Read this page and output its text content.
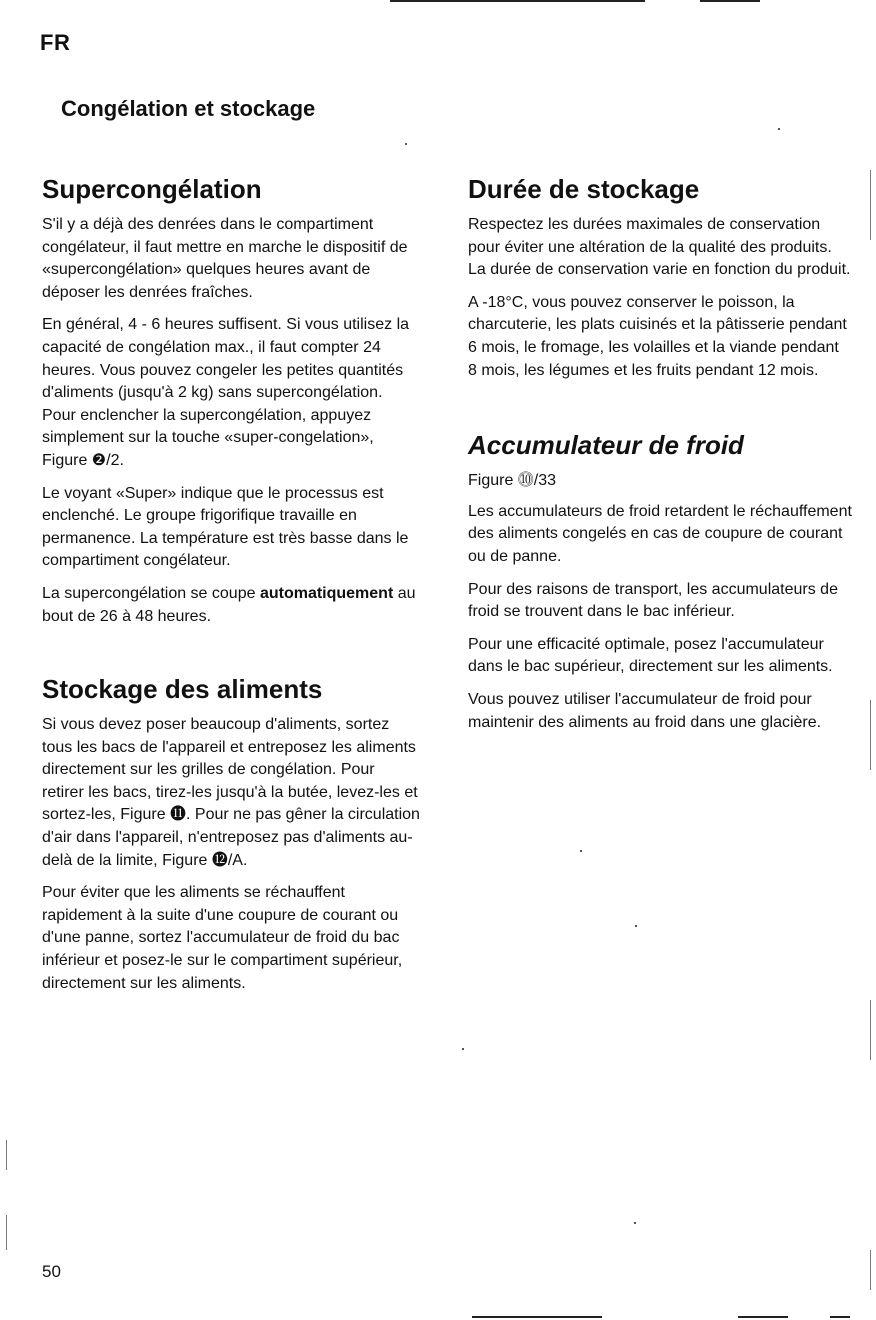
FR
Congélation et stockage
Supercongélation

S'il y a déjà des denrées dans le compartiment congélateur, il faut mettre en marche le dispositif de «supercongélation» quelques heures avant de déposer les denrées fraîches.

En général, 4 - 6 heures suffisent. Si vous utilisez la capacité de congélation max., il faut compter 24 heures. Vous pouvez congeler les petites quantités d'aliments (jusqu'à 2 kg) sans supercongélation. Pour enclencher la supercongélation, appuyez simplement sur la touche «super-congelation», Figure ❷/2.

Le voyant «Super» indique que le processus est enclenché. Le groupe frigorifique travaille en permanence. La température est très basse dans le compartiment congélateur.

La supercongélation se coupe automatiquement au bout de 26 à 48 heures.

Stockage des aliments

Si vous devez poser beaucoup d'aliments, sortez tous les bacs de l'appareil et entreposez les aliments directement sur les grilles de congélation. Pour retirer les bacs, tirez-les jusqu'à la butée, levez-les et sortez-les, Figure ⓫. Pour ne pas gêner la circulation d'air dans l'appareil, n'entreposez pas d'aliments au-delà de la limite, Figure ⓬/A.

Pour éviter que les aliments se réchauffent rapidement à la suite d'une coupure de courant ou d'une panne, sortez l'accumulateur de froid du bac inférieur et posez-le sur le compartiment supérieur, directement sur les aliments.

Durée de stockage

Respectez les durées maximales de conservation pour éviter une altération de la qualité des produits. La durée de conservation varie en fonction du produit.

A -18°C, vous pouvez conserver le poisson, la charcuterie, les plats cuisinés et la pâtisserie pendant 6 mois, le fromage, les volailles et la viande pendant 8 mois, les légumes et les fruits pendant 12 mois.

Accumulateur de froid

Figure ⓾/33

Les accumulateurs de froid retardent le réchauffement des aliments congelés en cas de coupure de courant ou de panne.

Pour des raisons de transport, les accumulateurs de froid se trouvent dans le bac inférieur.

Pour une efficacité optimale, posez l'accumulateur dans le bac supérieur, directement sur les aliments.

Vous pouvez utiliser l'accumulateur de froid pour maintenir des aliments au froid dans une glacière.

50
